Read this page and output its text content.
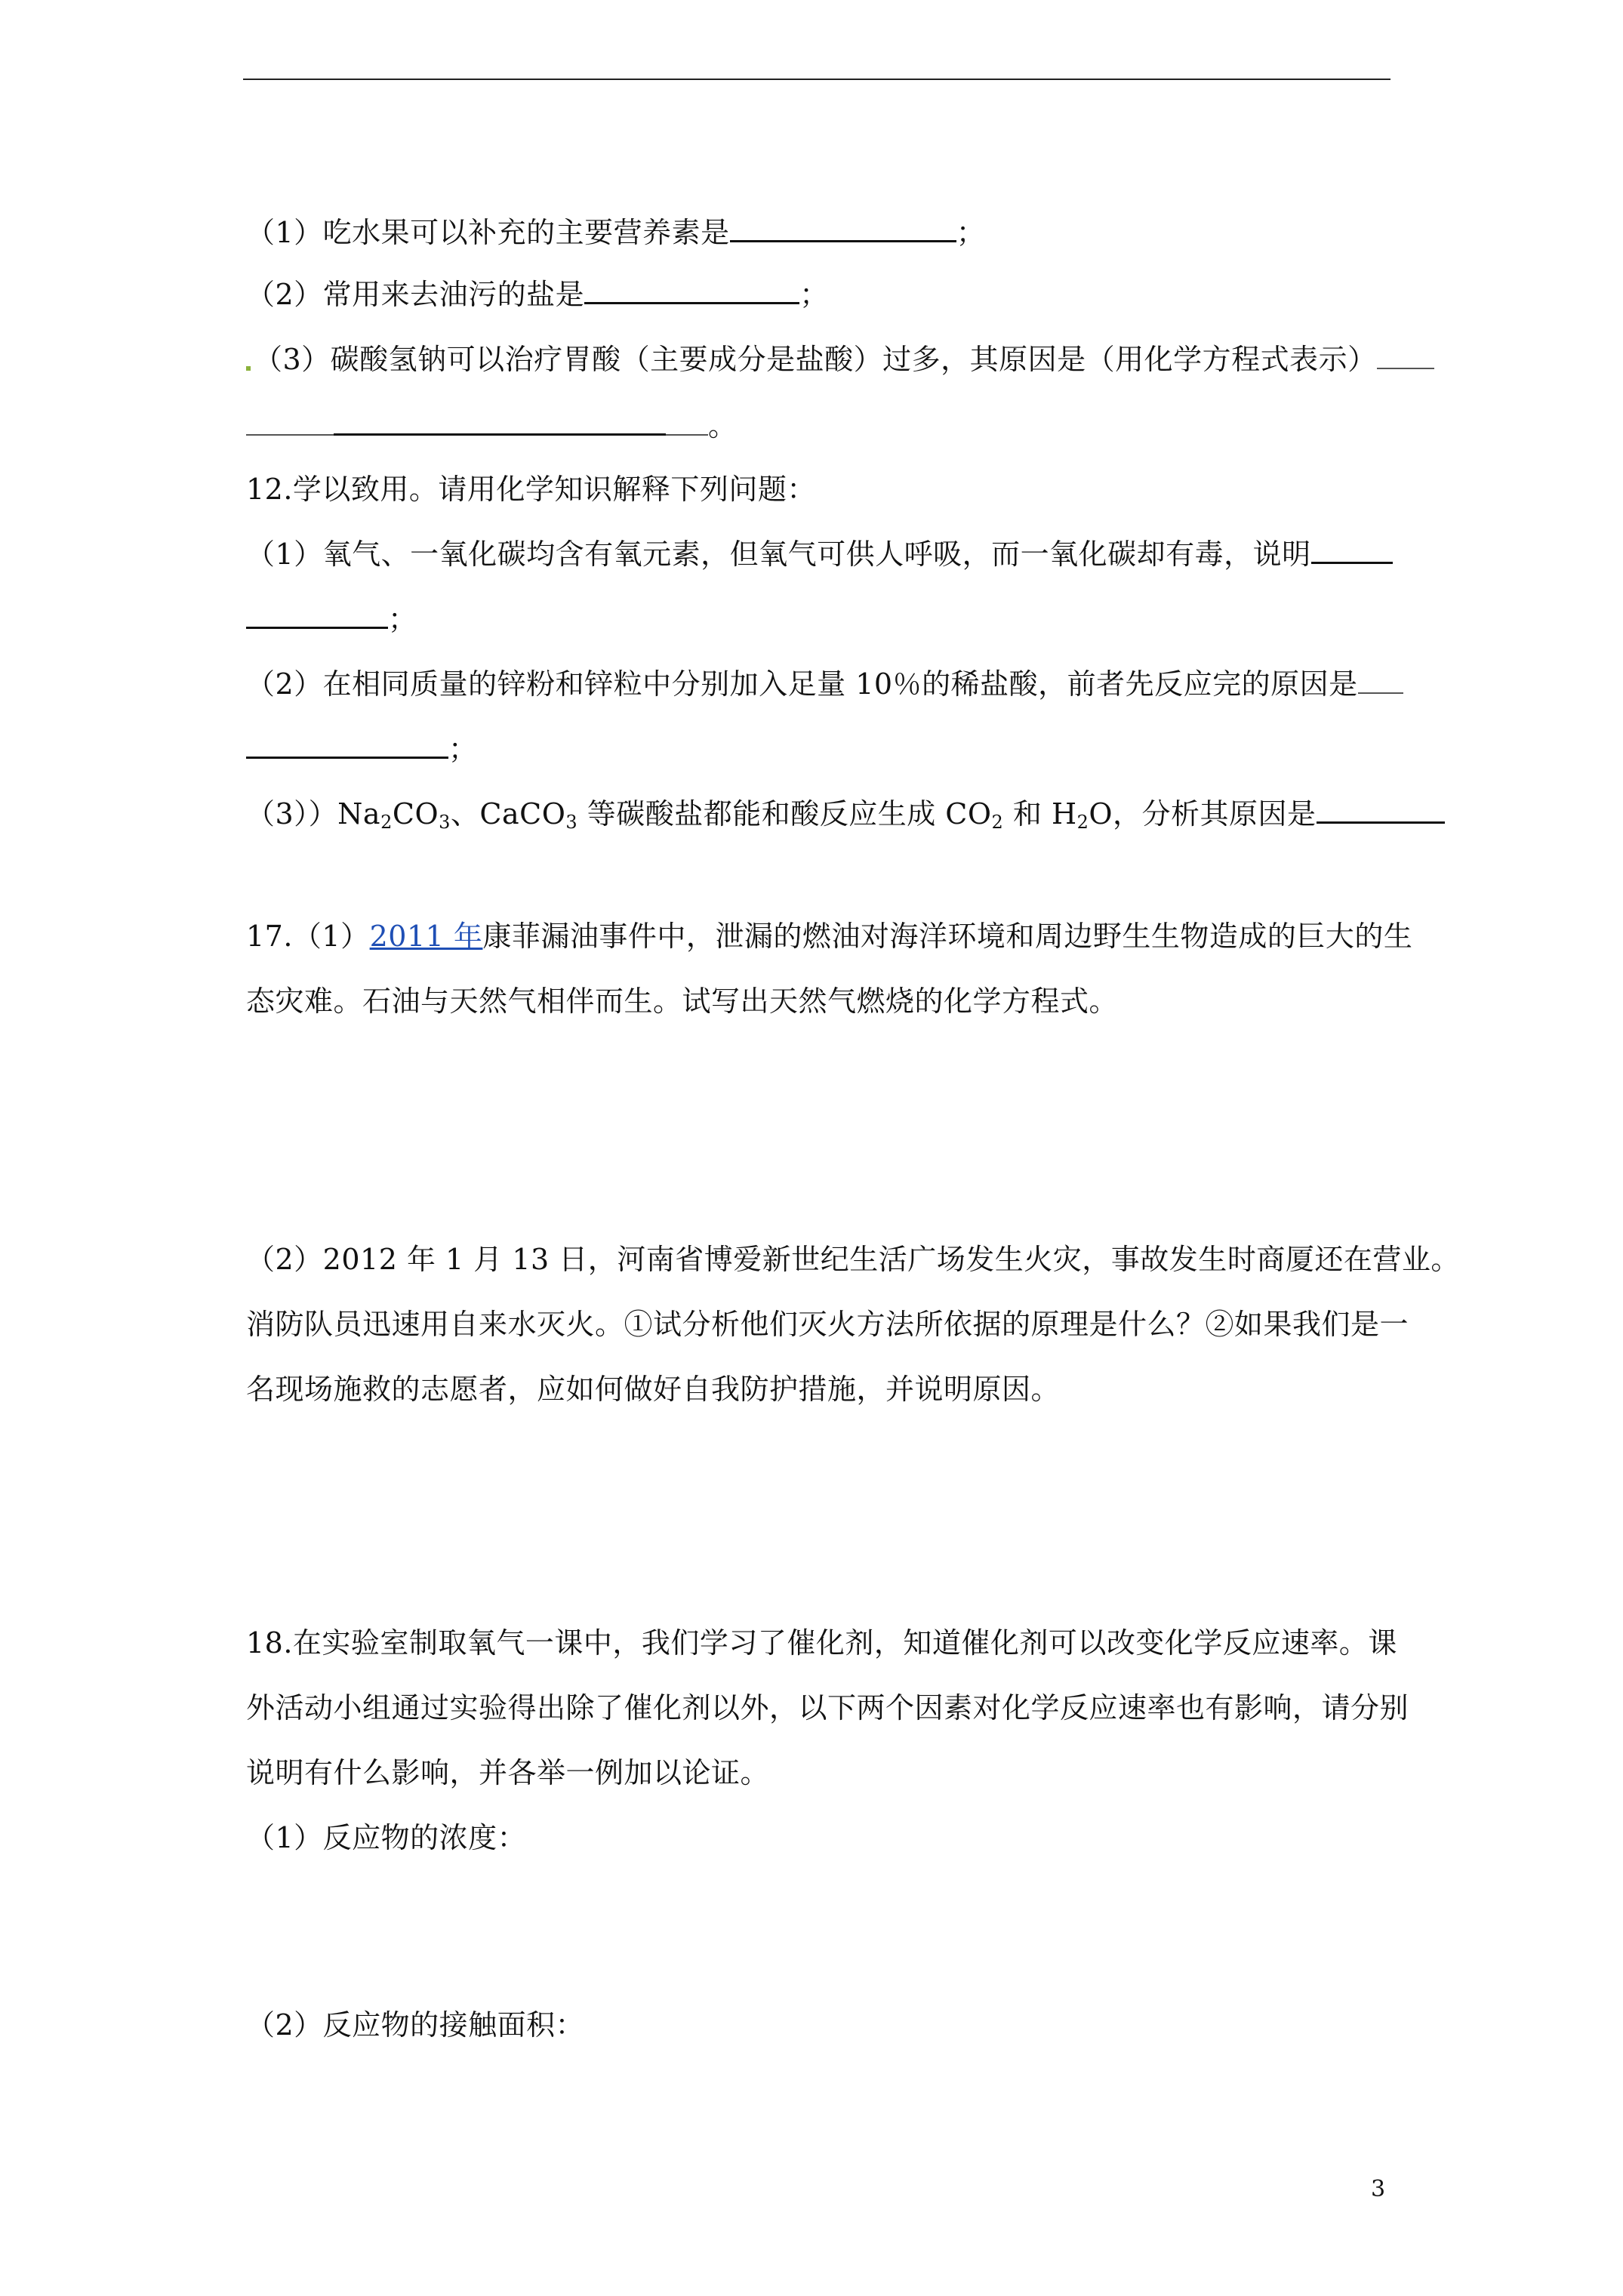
（1）吃水果可以补充的主要营养素是	；
（2）常用来去油污的盐是	；
（3）碳酸氢钠可以治疗胃酸（主要成分是盐酸）过多，其原因是（用化学方程式表示）
。
12.学以致用。请用化学知识解释下列问题：
（1）氧气、一氧化碳均含有氧元素，但氧气可供人呼吸，而一氧化碳却有毒，说明
；
（2）在相同质量的锌粉和锌粒中分别加入足量 10％的稀盐酸，前者先反应完的原因是
；
$(3))Na_2CO_3$、CaCO$_3$ 等碳酸盐都能和酸反应生成 $CO_2$ 和 $H_2O$，分析其原因是
17.（1）2011 年康菲漏油事件中，泄漏的燃油对海洋环境和周边野生生物造成的巨大的生
态灾难。石油与天然气相伴而生。试写出天然气燃烧的化学方程式。
（2）2012 年 1 月 13 日，河南省博爱新世纪生活广场发生火灾，事故发生时商厦还在营业。
消防队员迅速用自来水灭火。①试分析他们灭火方法所依据的原理是什么？②如果我们是一
名现场施救的志愿者，应如何做好自我防护措施，并说明原因。
18.在实验室制取氧气一课中，我们学习了催化剂，知道催化剂可以改变化学反应速率。课
外活动小组通过实验得出除了催化剂以外，以下两个因素对化学反应速率也有影响，请分别
说明有什么影响，并各举一例加以论证。
（1）反应物的浓度：
（2）反应物的接触面积：
3
